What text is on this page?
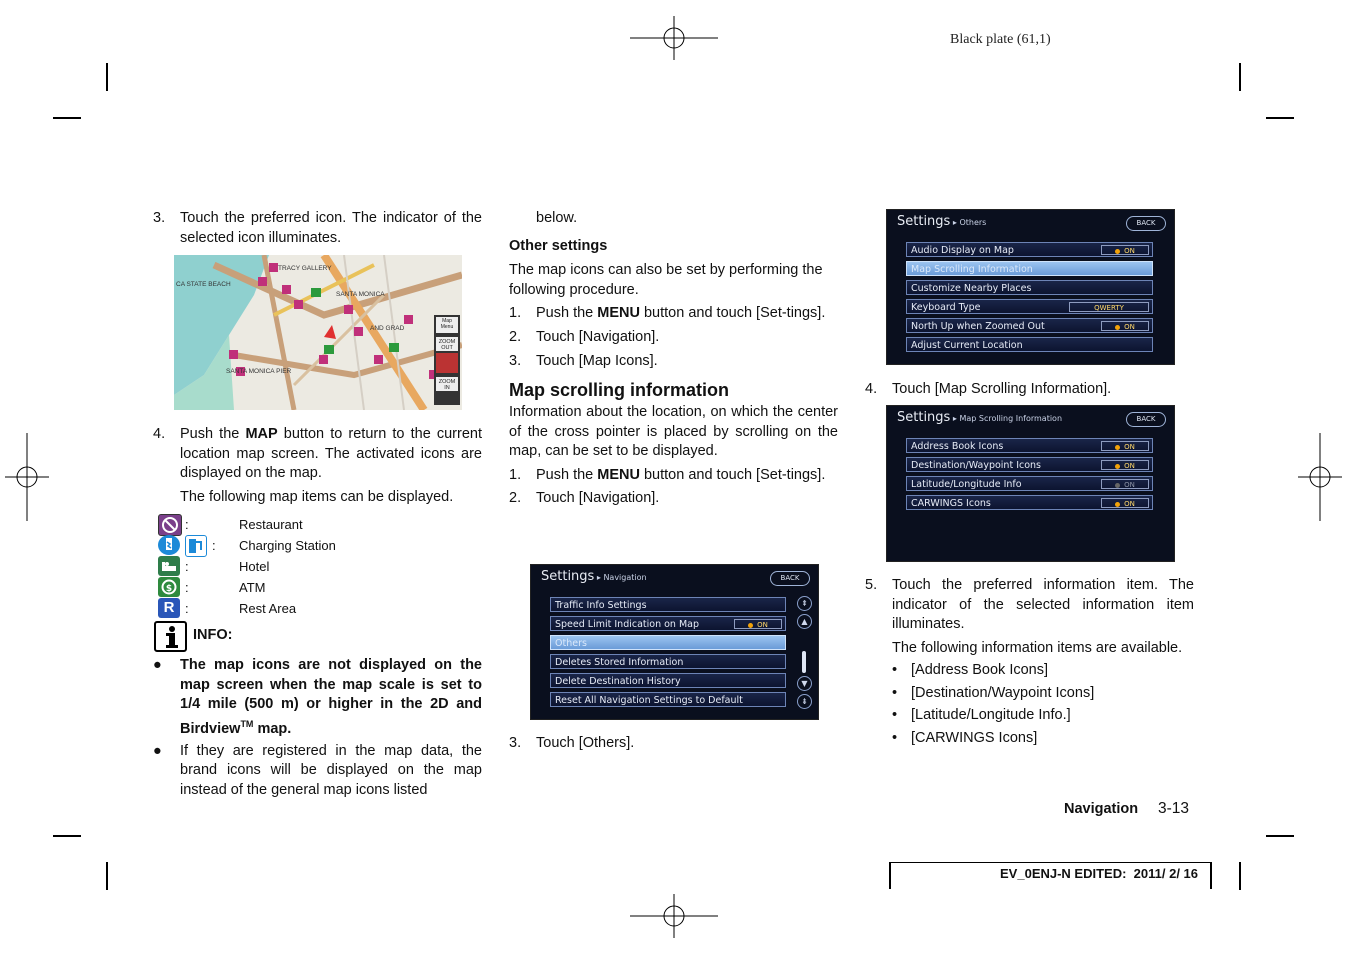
Black plate (61,1)

3. Touch the preferred icon. The indicator of the selected icon illuminates.

CA STATE BEACH
TRACY GALLERY
SANTA MONICA
AND GRAD
SANTA MONICA PIER
Map Menu
ZOOM OUT
ZOOM IN

4. Push the MAP button to return to the current location map screen. The activated icons are displayed on the map.

The following map items can be displayed.

:	Restaurant
: Charging Station
:	Hotel
$ :	ATM
R :	Rest Area
INFO:

● The map icons are not displayed on the map screen when the map scale is set to 1/4 mile (500 m) or higher in the 2D and Birdview™ map.

● If they are registered in the map data, the brand icons will be displayed on the map instead of the general map icons listed

below.

Other settings

The map icons can also be set by performing the following procedure.

1. Push the MENU button and touch [Set-tings].

2. Touch [Navigation].

3. Touch [Map Icons].

Map scrolling information

Information about the location, on which the center of the cross pointer is placed by scrolling on the map, can be set to be displayed.

1. Push the MENU button and touch [Set-tings].

2. Touch [Navigation].

Settings ▸ Navigation	BACK
Traffic Info Settings
Speed Limit Indication on Map	ON
Others
Deletes Stored Information
Delete Destination History
Reset All Navigation Settings to Default
⇞
▲
▼
⇟

3. Touch [Others].

Settings ▸ Others	BACK
Audio Display on Map	ON
Map Scrolling Information
Customize Nearby Places
Keyboard Type	QWERTY
North Up when Zoomed Out	ON
Adjust Current Location

4. Touch [Map Scrolling Information].

Settings ▸ Map Scrolling Information	BACK
Address Book Icons	ON
Destination/Waypoint Icons	ON
Latitude/Longitude Info	ON
CARWINGS Icons	ON

5. Touch the preferred information item. The indicator of the selected information item illuminates.

The following information items are available.

• [Address Book Icons]

• [Destination/Waypoint Icons]

• [Latitude/Longitude Info.]

• [CARWINGS Icons]

Navigation 3-13
EV_0ENJ-N EDITED:  2011/ 2/ 16
